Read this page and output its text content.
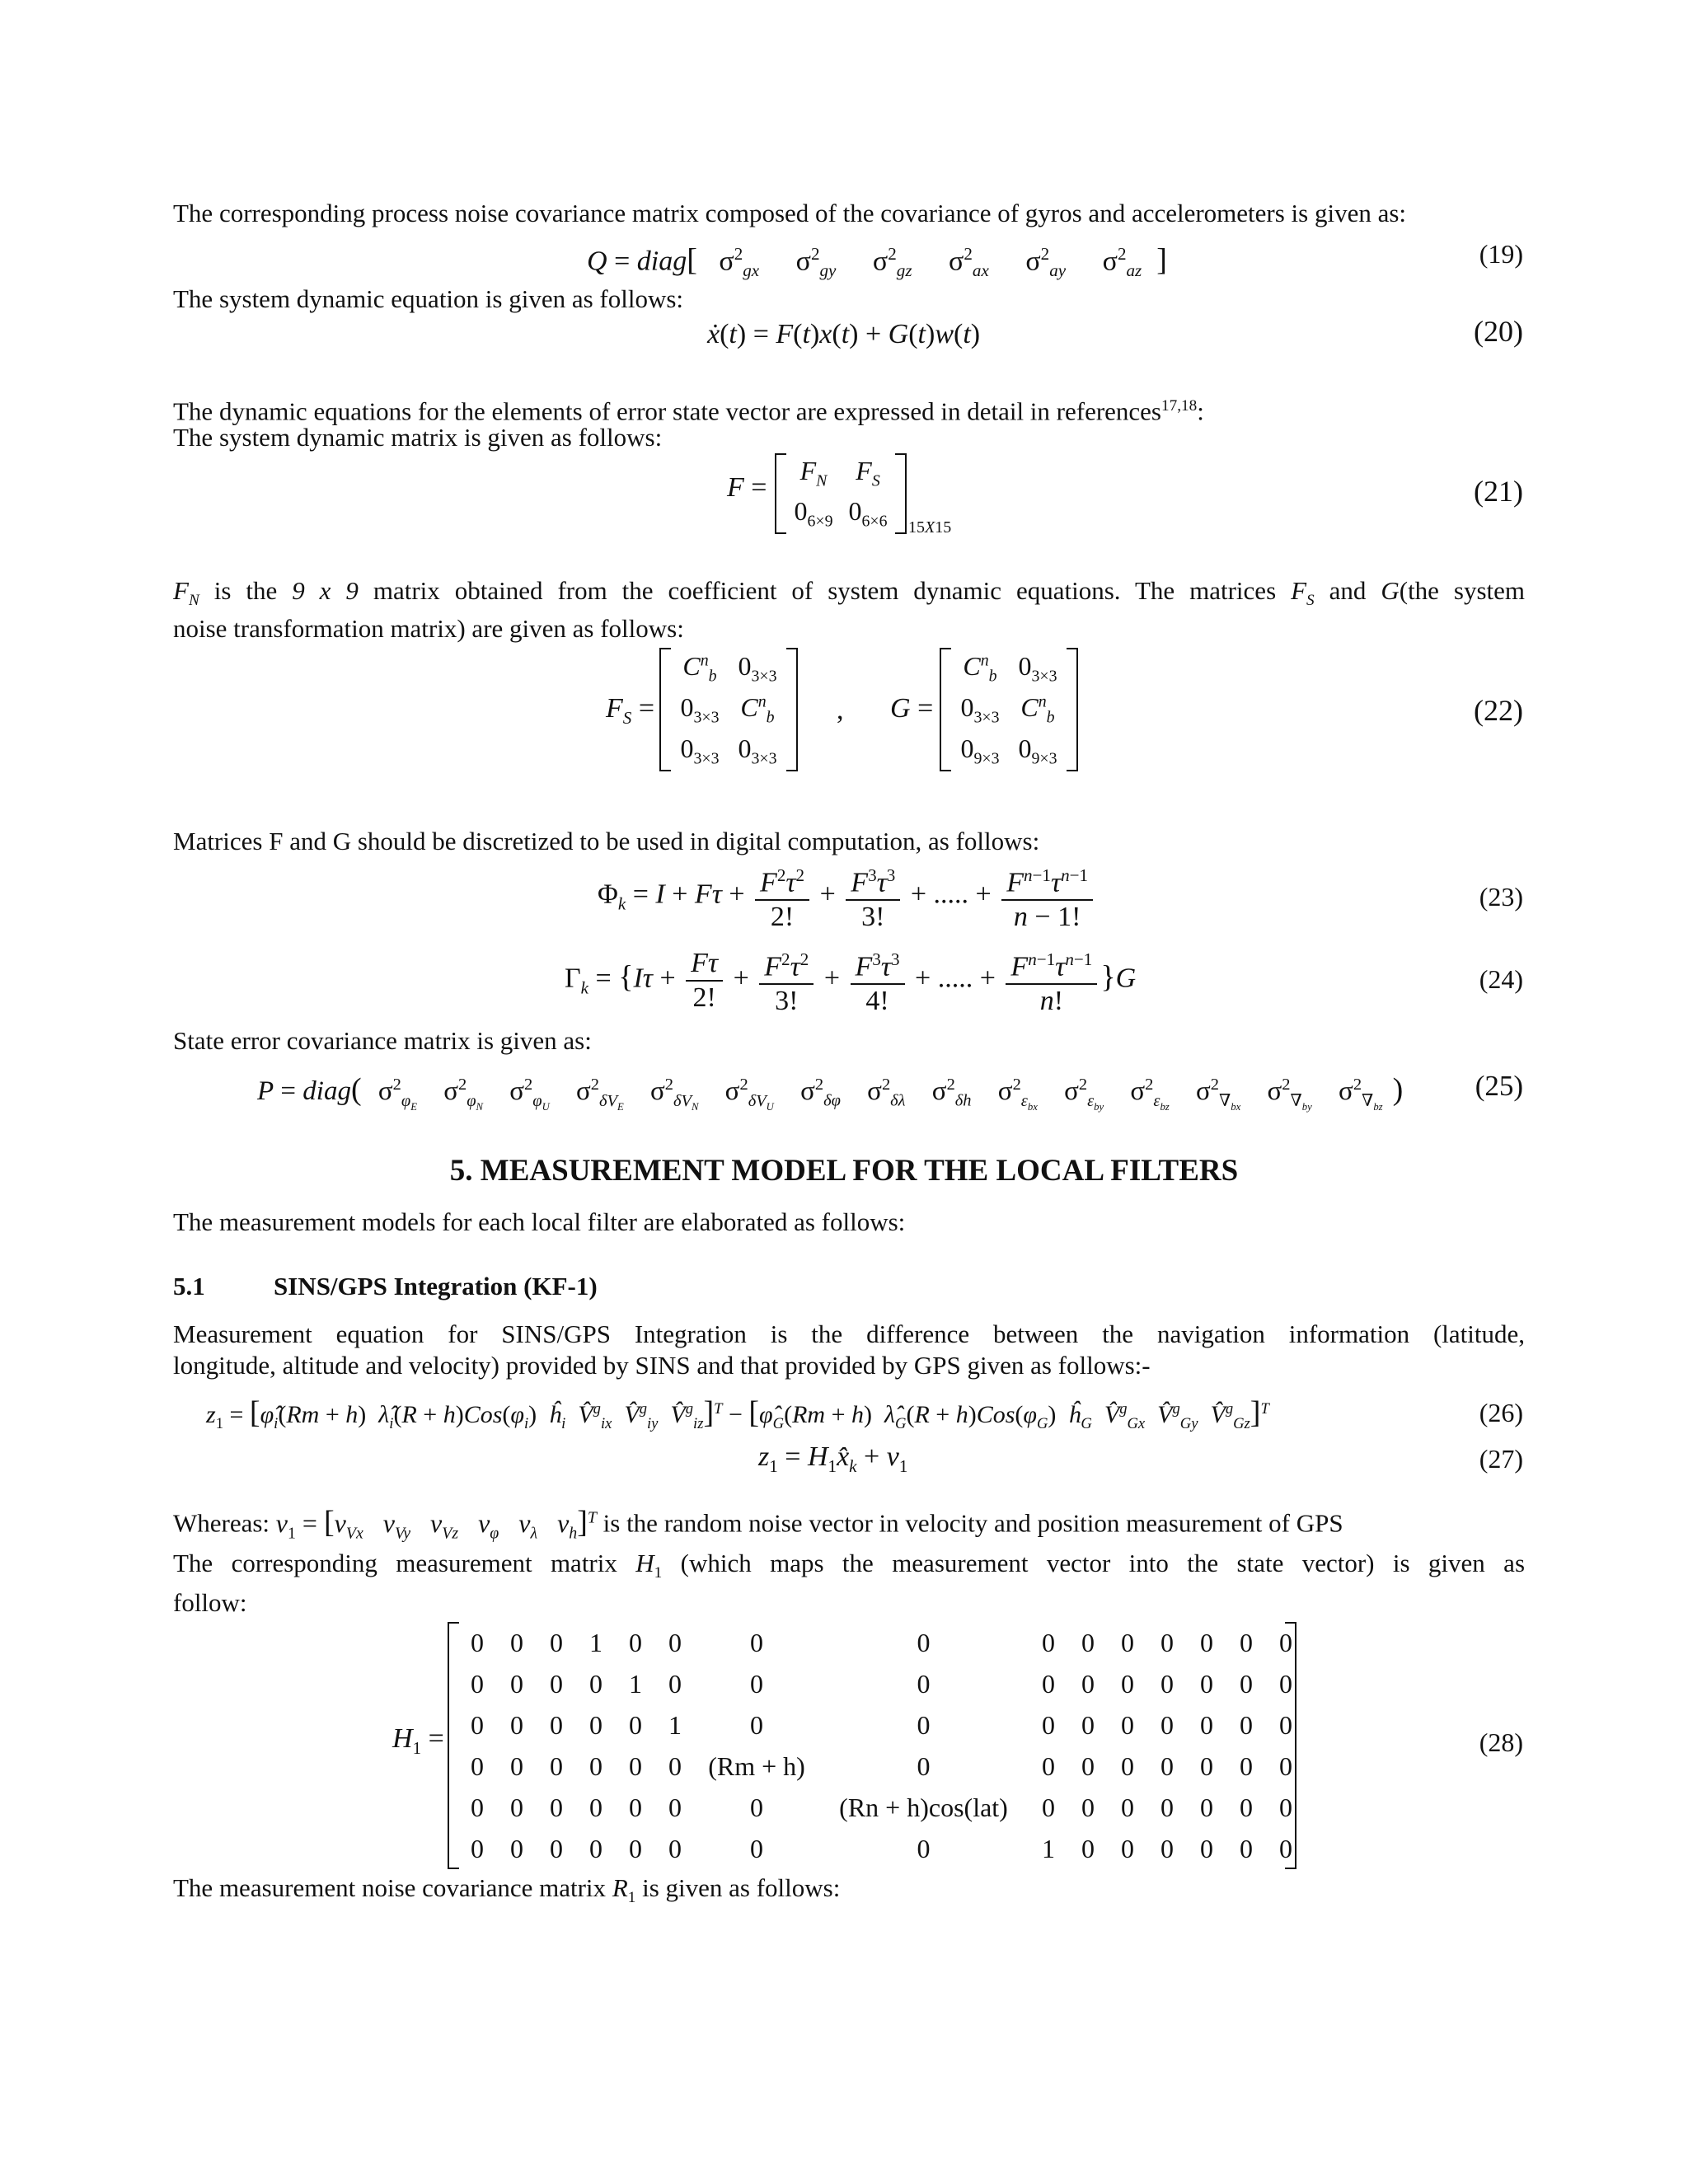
The corresponding process noise covariance matrix composed of the covariance of gyros and accelerometers is given as:

Q = diag[ $\sigma^2_{gx}$ $\sigma^2_{gy}$ $\sigma^2_{gz}$ $\sigma^2_{ax}$ $\sigma^2_{ay}$ $\sigma^2_{az}$ ]	(19)

The system dynamic equation is given as follows:

ẋ(t) = F(t)x(t) + G(t)w(t)	(20)

The dynamic equations for the elements of error state vector are expressed in detail in references$^{17,18}$:

The system dynamic matrix is given as follows:

F =
$F_N$	$F_S$
$0_{6\times 9}$ $0_{6\times 6}$	15X15
(21)

$F_N$ is the 9 x 9 matrix obtained from the coefficient of system dynamic equations. The matrices $F_S$ and G(the system

noise transformation matrix) are given as follows:

$F_S$ =
$C^n_b$ $0_{3\times 3}$
$0_{3\times 3}$ $C^n_b$
$0_{3\times 3}$ $0_{3\times 3}$
, G =
$C^n_b$ $0_{3\times 3}$
$0_{3\times 3}$ $C^n_b$
$0_{9\times 3}$ $0_{9\times 3}$
(22)

Matrices F and G should be discretized to be used in digital computation, as follows:

$\Phi_k = I + F\tau + \frac{F^2\tau^2}{2!} + \frac{F^3\tau^3}{3!}$ + ..... + $\frac{F^{n-1}\tau^{n-1}}{n - 1!}$	(23)
$\Gamma_k = \{I\tau + \frac{F\tau}{2!} + \frac{F^2\tau^2}{3!} + \frac{F^3\tau^3}{4!}$ + ..... + $\frac{F^{n-1}\tau^{n-1}}{n!} \}G$	(24)

State error covariance matrix is given as:

P = diag( $\sigma^2_{\varphi_E}$ $\sigma^2_{\varphi_N}$ $\sigma^2_{\varphi_U}$ $\sigma^2_{\delta V_E}$ $\sigma^2_{\delta V_N}$ $\sigma^2_{\delta V_U}$ $\sigma^2_{\delta\varphi}$ $\sigma^2_{\delta\lambda}$ $\sigma^2_{\delta h}$ $\sigma^2_{\varepsilon_{bx}}$ $\sigma^2_{\varepsilon_{by}}$ $\sigma^2_{\varepsilon_{bz}}$ $\sigma^2_{\nabla_{bx}}$ $\sigma^2_{\nabla_{by}}$ $\sigma^2_{\nabla_{bz}}$ ) (25)
5. MEASUREMENT MODEL FOR THE LOCAL FILTERS

The measurement models for each local filter are elaborated as follows:

5.1	SINS/GPS Integration (KF-1)

Measurement equation for SINS/GPS Integration is the difference between the navigation information (latitude,

longitude, altitude and velocity) provided by SINS and that provided by GPS given as follows:-

$z_1$ = [$\varphî_i(Rm + h)$  $\lambdâ_i(R + h)Cos(\varphi_i)$  $ĥ_i$ V̂$^g_{ix}$ V̂$^g_{iy}$ V̂$^g_{iz}$]$^T$ − [$\varphî_G(Rm + h)$  $\lambdâ_G(R + h)Cos(\varphi_G)$  $ĥ_G$ V̂$^g_{Gx}$ V̂$^g_{Gy}$ V̂$^g_{Gz}$]$^T$	(26)
$z_1$ = $H_1x̂_k + v_1$	(27)
Whereas: $v_1 = [v_{Vx}$ $v_{Vy}$ $v_{Vz}$ $v_\varphi$ $v_\lambda$ $v_h]^T$ is the random noise vector in velocity and position measurement of GPS

The corresponding measurement matrix $H_1$ (which maps the measurement vector into the state vector) is given as

follow:

$H_1$ =
0	0	0	1	0	0	0	0	0	0	0	0	0	0	0
0	0	0	0	1	0	0	0	0	0	0	0	0	0	0
0	0	0	0	0	1	0	0	0	0	0	0	0	0	0
0	0	0	0	0	0	(Rm + h)	0	0	0	0	0	0	0	0
0	0	0	0	0	0	0	(Rn + h)cos(lat)	0	0	0	0	0	0	0
0	0	0	0	0	0	0	0	1	0	0	0	0	0	0
(28)

The measurement noise covariance matrix $R_1$ is given as follows:
